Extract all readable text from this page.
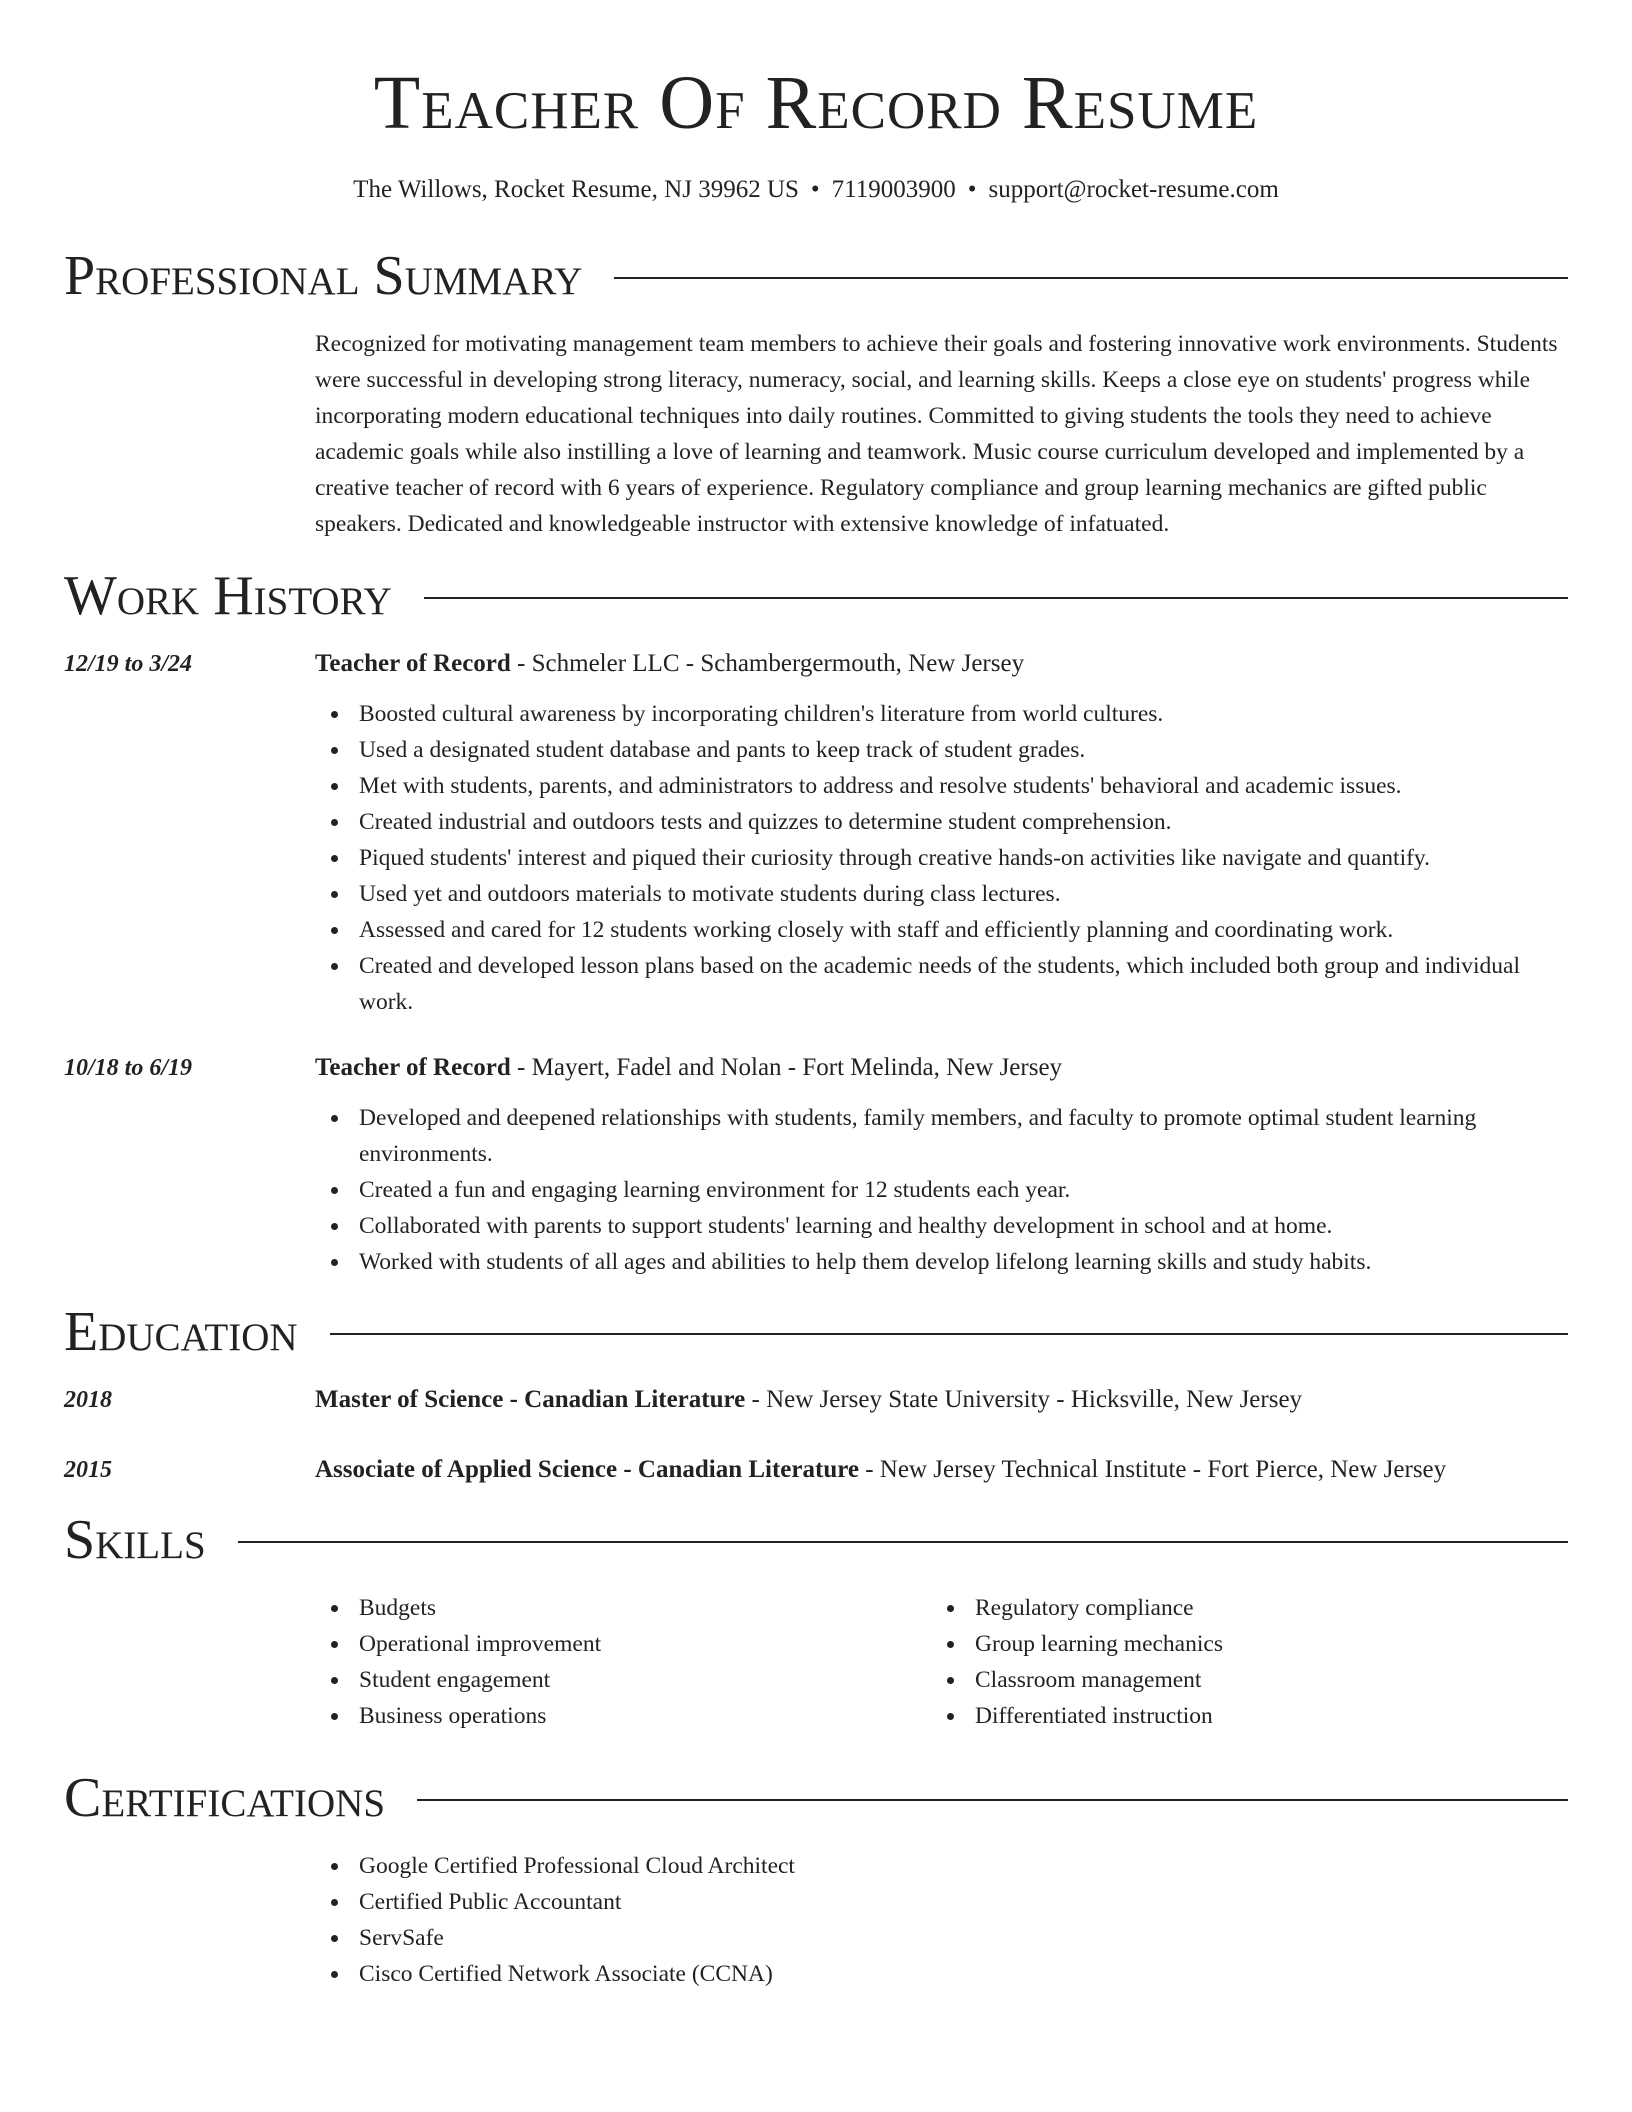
Teacher Of Record Resume
The Willows, Rocket Resume, NJ 39962 US • 7119003900 • support@rocket-resume.com
Professional Summary
Recognized for motivating management team members to achieve their goals and fostering innovative work environments. Students were successful in developing strong literacy, numeracy, social, and learning skills. Keeps a close eye on students' progress while incorporating modern educational techniques into daily routines. Committed to giving students the tools they need to achieve academic goals while also instilling a love of learning and teamwork. Music course curriculum developed and implemented by a creative teacher of record with 6 years of experience. Regulatory compliance and group learning mechanics are gifted public speakers. Dedicated and knowledgeable instructor with extensive knowledge of infatuated.
Work History
12/19 to 3/24	Teacher of Record - Schmeler LLC - Schambergermouth, New Jersey
Boosted cultural awareness by incorporating children's literature from world cultures.
Used a designated student database and pants to keep track of student grades.
Met with students, parents, and administrators to address and resolve students' behavioral and academic issues.
Created industrial and outdoors tests and quizzes to determine student comprehension.
Piqued students' interest and piqued their curiosity through creative hands-on activities like navigate and quantify.
Used yet and outdoors materials to motivate students during class lectures.
Assessed and cared for 12 students working closely with staff and efficiently planning and coordinating work.
Created and developed lesson plans based on the academic needs of the students, which included both group and individual work.
10/18 to 6/19	Teacher of Record - Mayert, Fadel and Nolan - Fort Melinda, New Jersey
Developed and deepened relationships with students, family members, and faculty to promote optimal student learning environments.
Created a fun and engaging learning environment for 12 students each year.
Collaborated with parents to support students' learning and healthy development in school and at home.
Worked with students of all ages and abilities to help them develop lifelong learning skills and study habits.
Education
2018	Master of Science - Canadian Literature - New Jersey State University - Hicksville, New Jersey
2015	Associate of Applied Science - Canadian Literature - New Jersey Technical Institute - Fort Pierce, New Jersey
Skills
Budgets
Operational improvement
Student engagement
Business operations
Regulatory compliance
Group learning mechanics
Classroom management
Differentiated instruction
Certifications
Google Certified Professional Cloud Architect
Certified Public Accountant
ServSafe
Cisco Certified Network Associate (CCNA)
